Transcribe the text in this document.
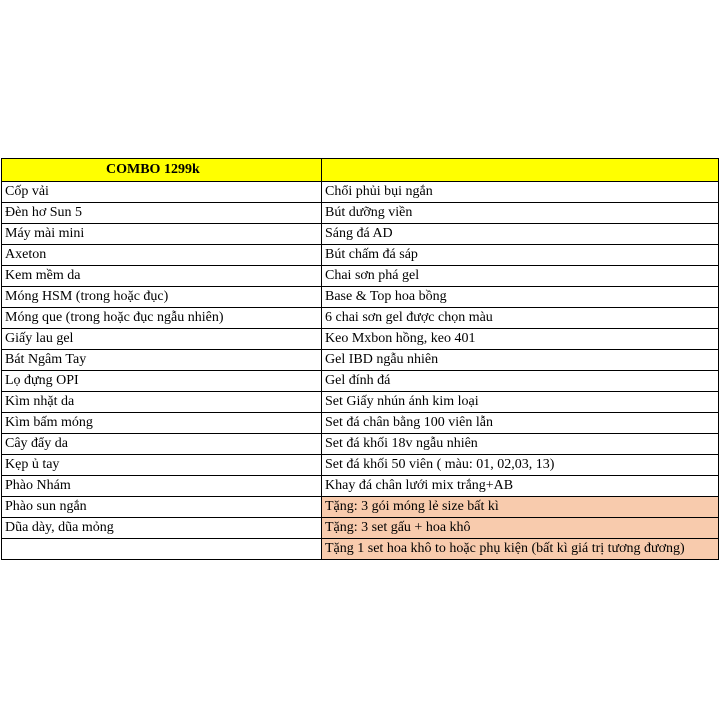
COMBO 1299k	
Cốp vải	Chổi phủi bụi ngắn
Đèn hơ Sun 5	Bút dưỡng viền
Máy mài mini	Sáng đá AD
Axeton	Bút chấm đá sáp
Kem mềm da	Chai sơn phá gel
Móng HSM (trong hoặc đục)	Base & Top hoa bồng
Móng que (trong hoặc đục ngẫu nhiên)	6 chai sơn gel được chọn màu
Giấy lau gel	Keo Mxbon hồng, keo 401
Bát Ngâm Tay	Gel IBD ngẫu nhiên
Lọ đựng OPI	Gel đính đá
Kìm nhặt da	Set Giấy nhún ánh kim loại
Kìm bấm móng	Set đá chân bằng 100 viên lẫn
Cây đẩy da	Set đá khối 18v ngẫu nhiên
Kẹp ủ tay	Set đá khối 50 viên ( màu: 01, 02,03, 13)
Phào Nhám	Khay đá chân lưới mix trắng+AB
Phào sun ngắn	Tặng: 3 gói móng lẻ size bất kì
Dũa dày, dũa mỏng	Tặng: 3 set gấu + hoa khô
	Tặng 1 set hoa khô to hoặc phụ kiện (bất kì giá trị tương đương)
